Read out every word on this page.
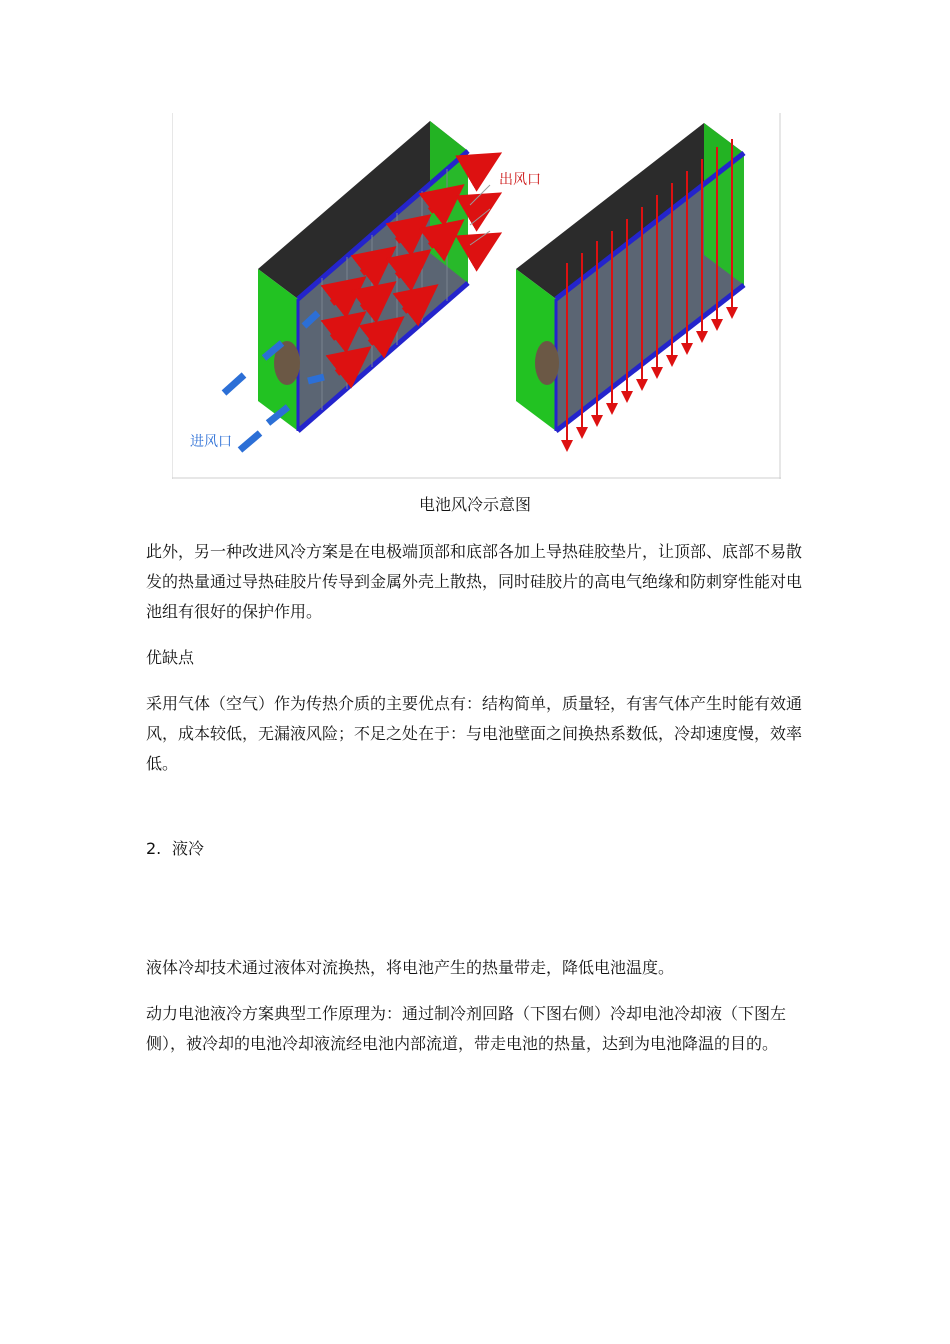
出风口
进风口
电池风冷示意图

此外，另一种改进风冷方案是在电极端顶部和底部各加上导热硅胶垫片，让顶部、底部不易散发的热量通过导热硅胶片传导到金属外壳上散热，同时硅胶片的高电气绝缘和防刺穿性能对电池组有很好的保护作用。

优缺点

采用气体（空气）作为传热介质的主要优点有：结构简单，质量轻，有害气体产生时能有效通风，成本较低，无漏液风险；不足之处在于：与电池壁面之间换热系数低，冷却速度慢，效率低。

2. 液冷

液体冷却技术通过液体对流换热，将电池产生的热量带走，降低电池温度。

动力电池液冷方案典型工作原理为：通过制冷剂回路（下图右侧）冷却电池冷却液（下图左侧），被冷却的电池冷却液流经电池内部流道，带走电池的热量，达到为电池降温的目的。
